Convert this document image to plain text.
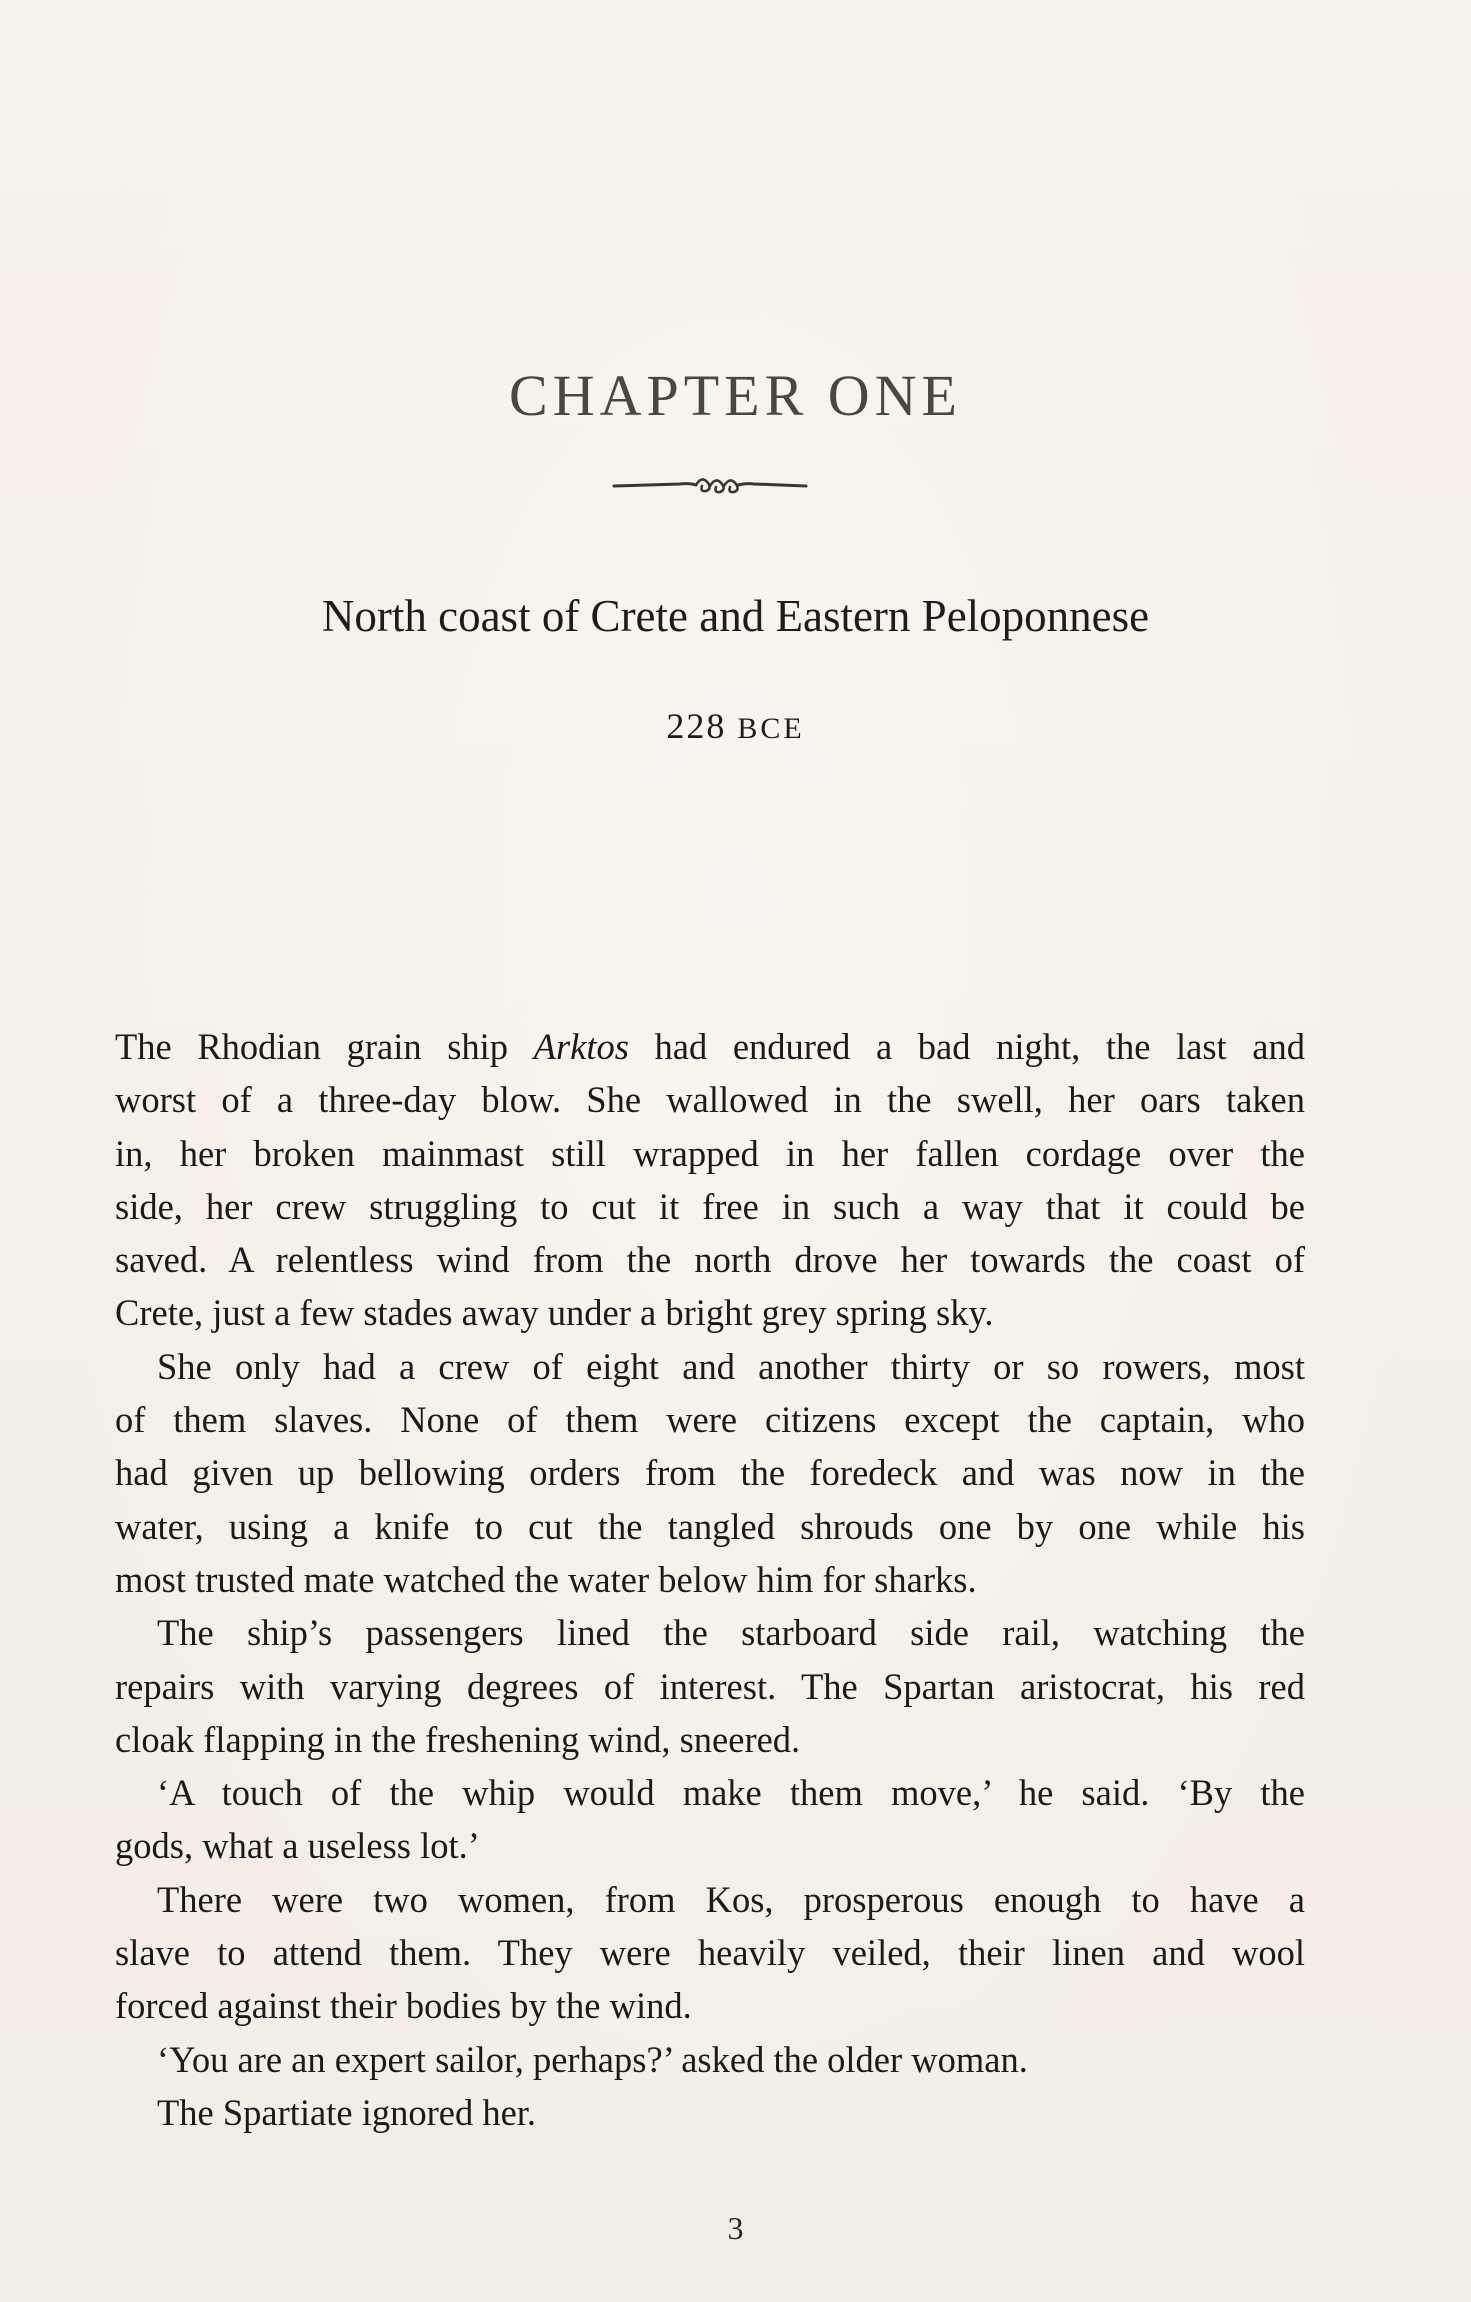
CHAPTER ONE
North coast of Crete and Eastern Peloponnese
228 BCE
The Rhodian grain ship Arktos had endured a bad night, the last and
worst of a three-day blow. She wallowed in the swell, her oars taken
in, her broken mainmast still wrapped in her fallen cordage over the
side, her crew struggling to cut it free in such a way that it could be
saved. A relentless wind from the north drove her towards the coast of
Crete, just a few stades away under a bright grey spring sky.
She only had a crew of eight and another thirty or so rowers, most
of them slaves. None of them were citizens except the captain, who
had given up bellowing orders from the foredeck and was now in the
water, using a knife to cut the tangled shrouds one by one while his
most trusted mate watched the water below him for sharks.
The ship’s passengers lined the starboard side rail, watching the
repairs with varying degrees of interest. The Spartan aristocrat, his red
cloak flapping in the freshening wind, sneered.
‘A touch of the whip would make them move,’ he said. ‘By the
gods, what a useless lot.’
There were two women, from Kos, prosperous enough to have a
slave to attend them. They were heavily veiled, their linen and wool
forced against their bodies by the wind.
‘You are an expert sailor, perhaps?’ asked the older woman.
The Spartiate ignored her.
3
